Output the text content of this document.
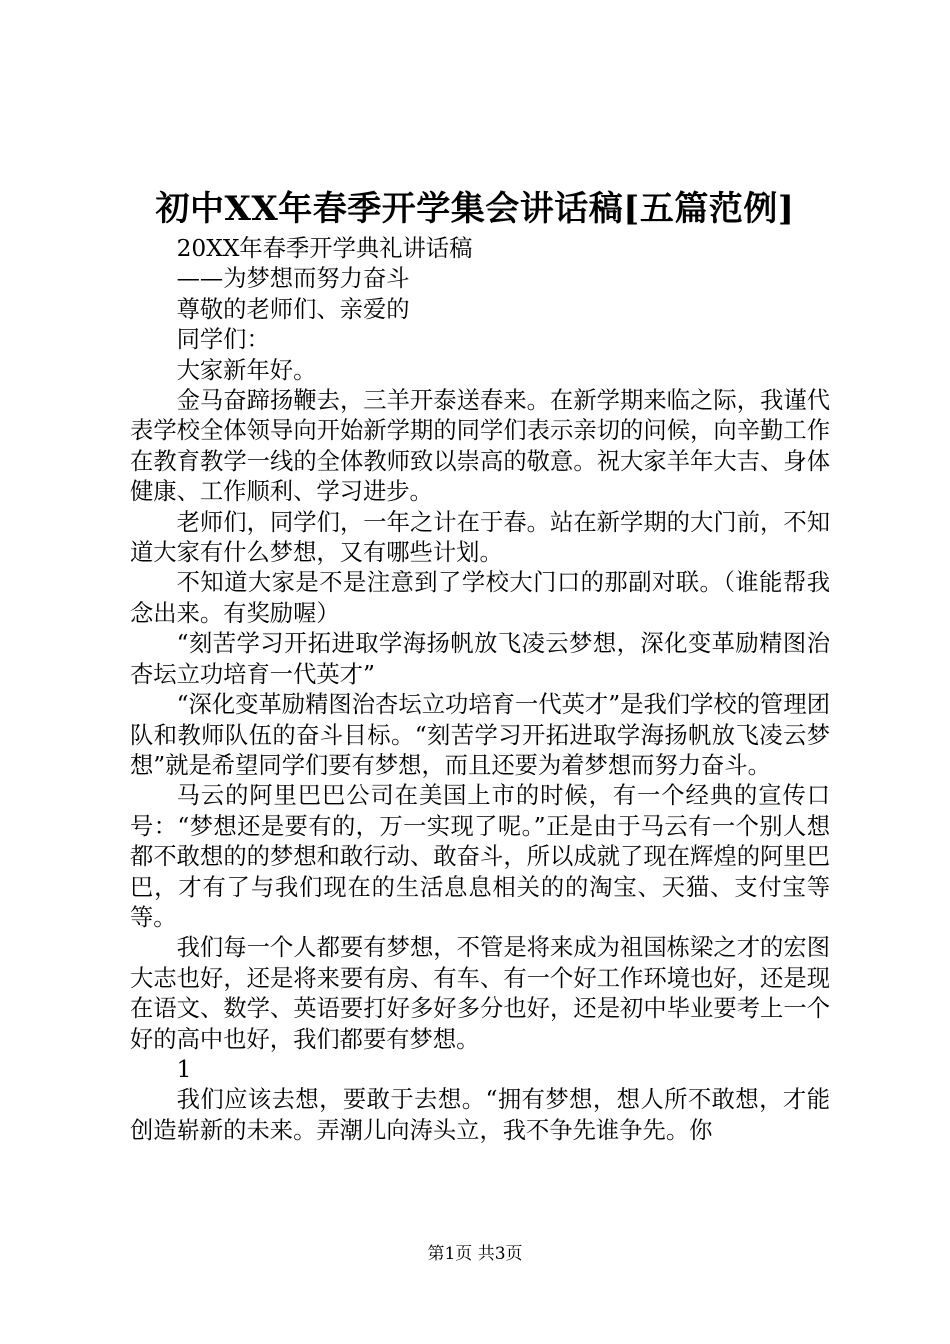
初中XX年春季开学集会讲话稿[五篇范例]

20XX年春季开学典礼讲话稿

——为梦想而努力奋斗

尊敬的老师们、亲爱的

同学们：

大家新年好。

金马奋蹄扬鞭去，三羊开泰送春来。在新学期来临之际，我谨代表学校全体领导向开始新学期的同学们表示亲切的问候，向辛勤工作在教育教学一线的全体教师致以崇高的敬意。祝大家羊年大吉、身体健康、工作顺利、学习进步。

老师们，同学们，一年之计在于春。站在新学期的大门前，不知道大家有什么梦想，又有哪些计划。

不知道大家是不是注意到了学校大门口的那副对联。（谁能帮我念出来。有奖励喔）

“刻苦学习开拓进取学海扬帆放飞凌云梦想，深化变革励精图治杏坛立功培育一代英才”

“深化变革励精图治杏坛立功培育一代英才”是我们学校的管理团队和教师队伍的奋斗目标。“刻苦学习开拓进取学海扬帆放飞凌云梦想”就是希望同学们要有梦想，而且还要为着梦想而努力奋斗。

马云的阿里巴巴公司在美国上市的时候，有一个经典的宣传口号：“梦想还是要有的，万一实现了呢。”正是由于马云有一个别人想都不敢想的的梦想和敢行动、敢奋斗，所以成就了现在辉煌的阿里巴巴，才有了与我们现在的生活息息相关的的淘宝、天猫、支付宝等等。

我们每一个人都要有梦想，不管是将来成为祖国栋梁之才的宏图大志也好，还是将来要有房、有车、有一个好工作环境也好，还是现在语文、数学、英语要打好多好多分也好，还是初中毕业要考上一个好的高中也好，我们都要有梦想。

1

我们应该去想，要敢于去想。“拥有梦想，想人所不敢想，才能创造崭新的未来。弄潮儿向涛头立，我不争先谁争先。你

第1页 共3页
